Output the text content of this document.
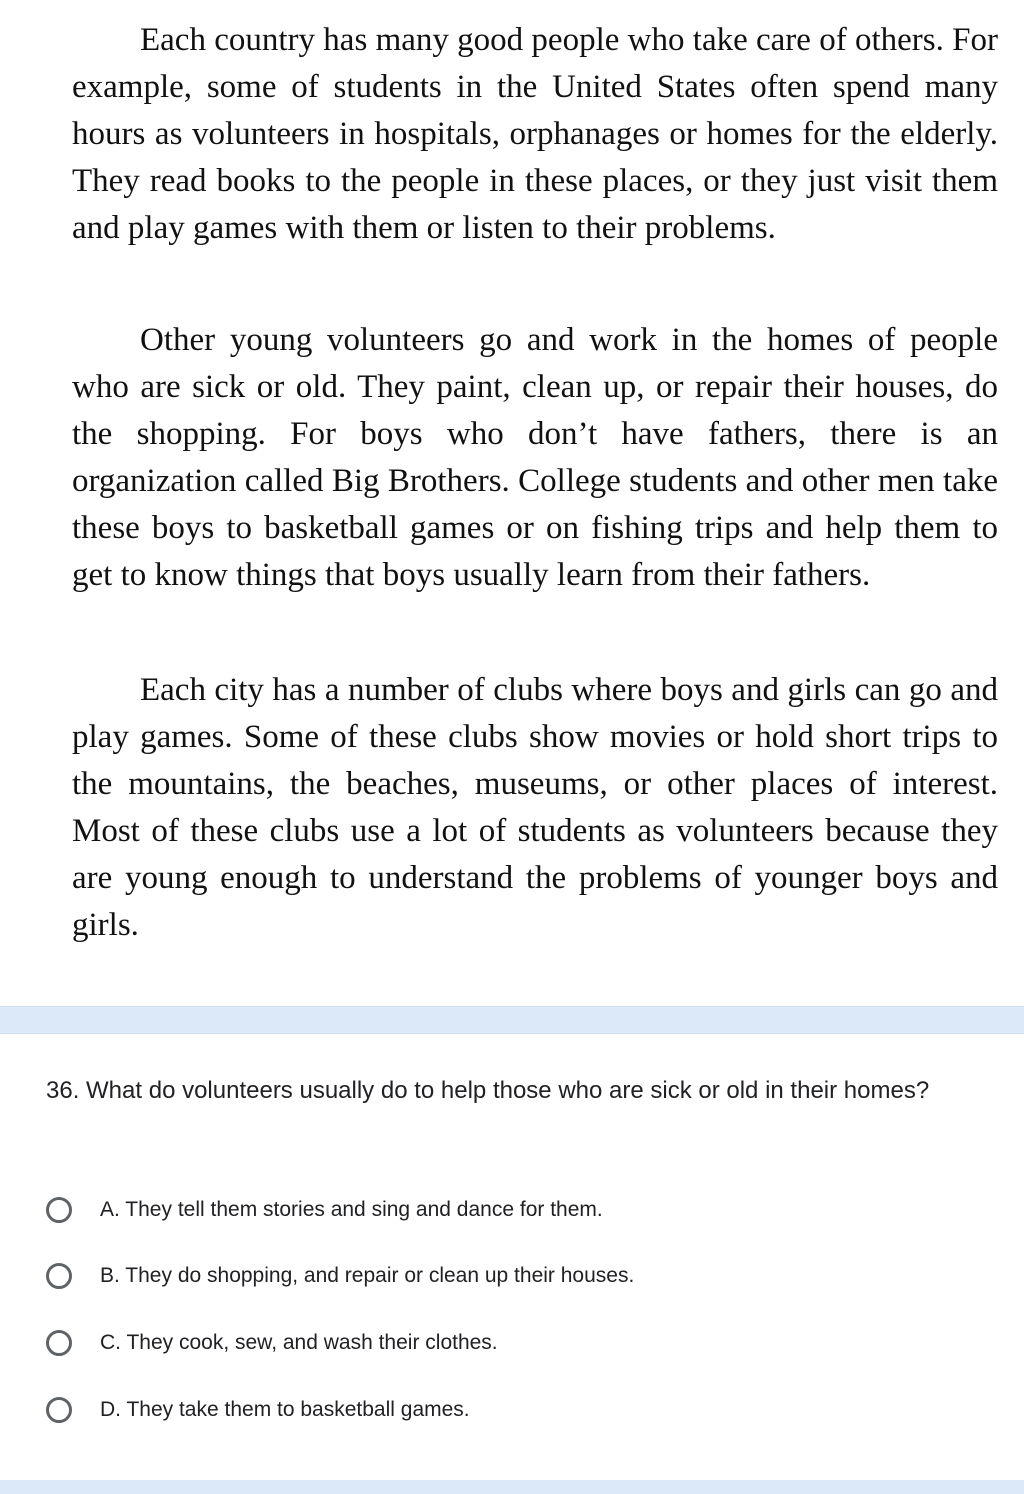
Each country has many good people who take care of others. For example, some of students in the United States often spend many hours as volunteers in hospitals, orphanages or homes for the elderly. They read books to the people in these places, or they just visit them and play games with them or listen to their problems.

Other young volunteers go and work in the homes of people who are sick or old. They paint, clean up, or repair their houses, do the shopping. For boys who don’t have fathers, there is an organization called Big Brothers. College students and other men take these boys to basketball games or on fishing trips and help them to get to know things that boys usually learn from their fathers.

Each city has a number of clubs where boys and girls can go and play games. Some of these clubs show movies or hold short trips to the mountains, the beaches, museums, or other places of interest. Most of these clubs use a lot of students as volunteers because they are young enough to understand the problems of younger boys and girls.

36. What do volunteers usually do to help those who are sick or old in their homes?

A. They tell them stories and sing and dance for them.
B. They do shopping, and repair or clean up their houses.
C. They cook, sew, and wash their clothes.
D. They take them to basketball games.
